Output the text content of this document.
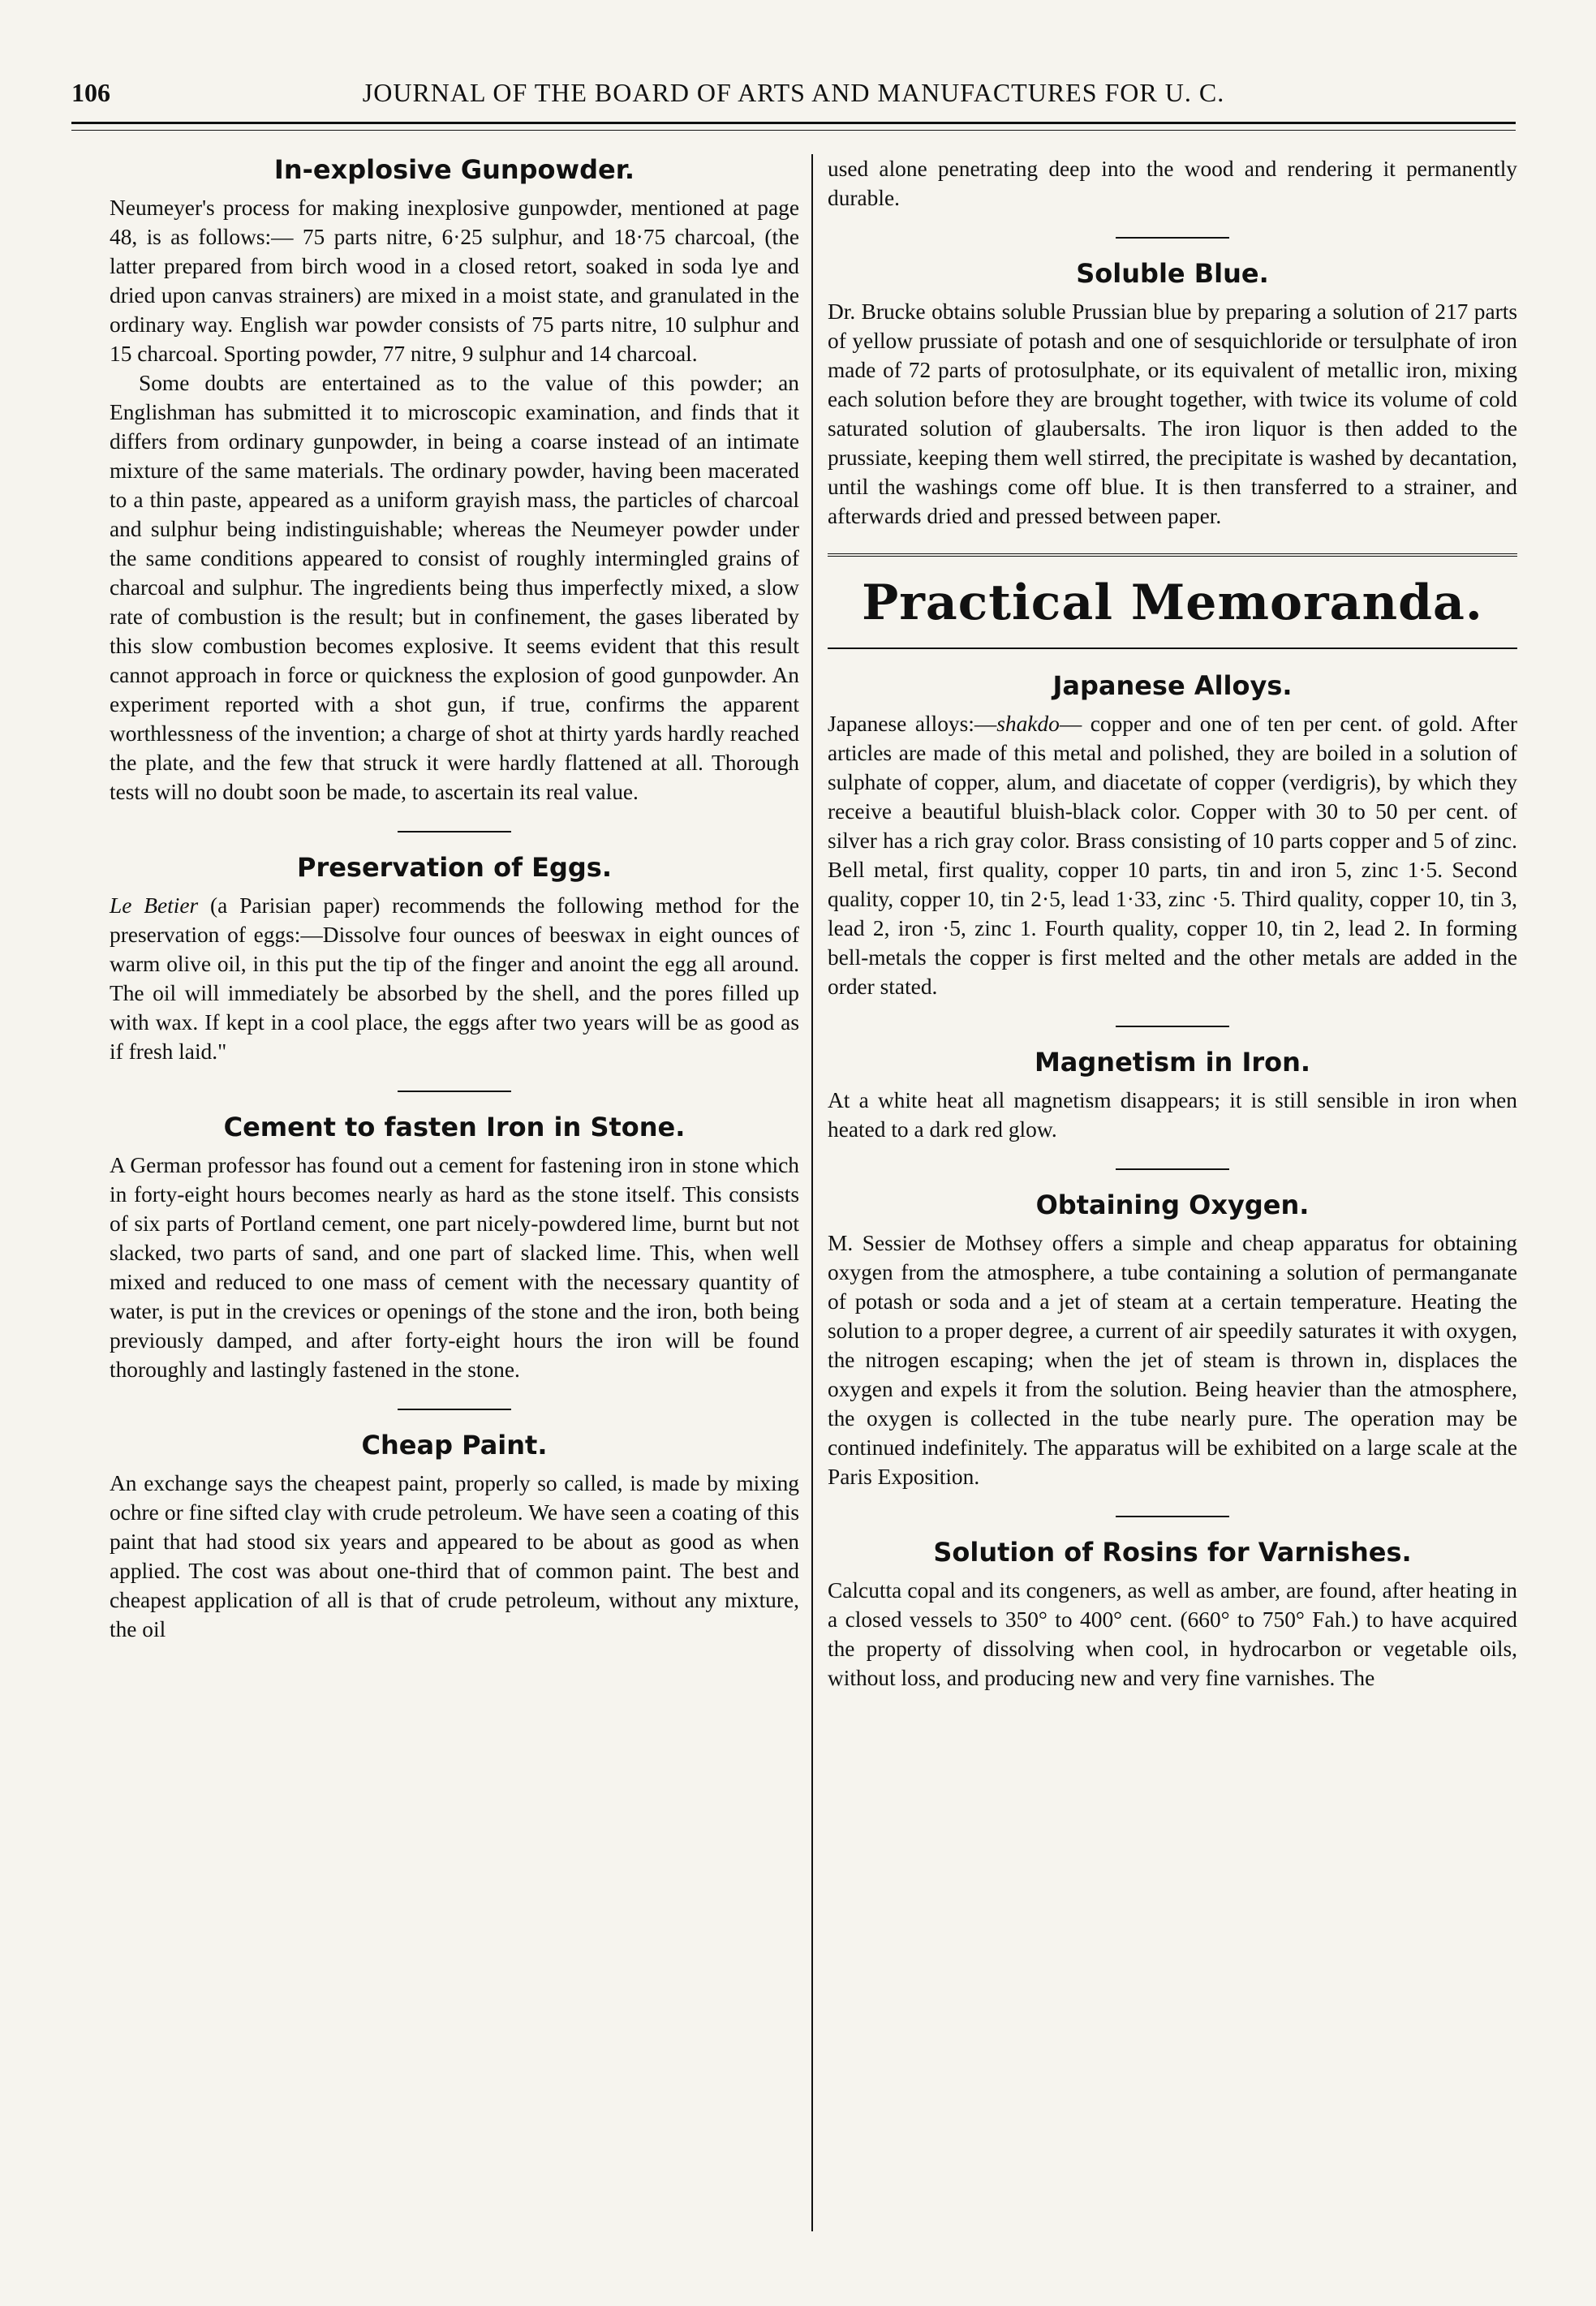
106	JOURNAL OF THE BOARD OF ARTS AND MANUFACTURES FOR U. C.
In-explosive Gunpowder.

Neumeyer's process for making inexplosive gunpowder, mentioned at page 48, is as follows:— 75 parts nitre, 6·25 sulphur, and 18·75 charcoal, (the latter prepared from birch wood in a closed retort, soaked in soda lye and dried upon canvas strainers) are mixed in a moist state, and granulated in the ordinary way. English war powder consists of 75 parts nitre, 10 sulphur and 15 charcoal. Sporting powder, 77 nitre, 9 sulphur and 14 charcoal.

Some doubts are entertained as to the value of this powder; an Englishman has submitted it to microscopic examination, and finds that it differs from ordinary gunpowder, in being a coarse instead of an intimate mixture of the same materials. The ordinary powder, having been macerated to a thin paste, appeared as a uniform grayish mass, the particles of charcoal and sulphur being indistinguishable; whereas the Neumeyer powder under the same conditions appeared to consist of roughly intermingled grains of charcoal and sulphur. The ingredients being thus imperfectly mixed, a slow rate of combustion is the result; but in confinement, the gases liberated by this slow combustion becomes explosive. It seems evident that this result cannot approach in force or quickness the explosion of good gunpowder. An experiment reported with a shot gun, if true, confirms the apparent worthlessness of the invention; a charge of shot at thirty yards hardly reached the plate, and the few that struck it were hardly flattened at all. Thorough tests will no doubt soon be made, to ascertain its real value.

Preservation of Eggs.

Le Betier (a Parisian paper) recommends the following method for the preservation of eggs:—Dissolve four ounces of beeswax in eight ounces of warm olive oil, in this put the tip of the finger and anoint the egg all around. The oil will immediately be absorbed by the shell, and the pores filled up with wax. If kept in a cool place, the eggs after two years will be as good as if fresh laid."

Cement to fasten Iron in Stone.

A German professor has found out a cement for fastening iron in stone which in forty-eight hours becomes nearly as hard as the stone itself. This consists of six parts of Portland cement, one part nicely-powdered lime, burnt but not slacked, two parts of sand, and one part of slacked lime. This, when well mixed and reduced to one mass of cement with the necessary quantity of water, is put in the crevices or openings of the stone and the iron, both being previously damped, and after forty-eight hours the iron will be found thoroughly and lastingly fastened in the stone.

Cheap Paint.

An exchange says the cheapest paint, properly so called, is made by mixing ochre or fine sifted clay with crude petroleum. We have seen a coating of this paint that had stood six years and appeared to be about as good as when applied. The cost was about one-third that of common paint. The best and cheapest application of all is that of crude petroleum, without any mixture, the oil

used alone penetrating deep into the wood and rendering it permanently durable.

Soluble Blue.

Dr. Brucke obtains soluble Prussian blue by preparing a solution of 217 parts of yellow prussiate of potash and one of sesquichloride or tersulphate of iron made of 72 parts of protosulphate, or its equivalent of metallic iron, mixing each solution before they are brought together, with twice its volume of cold saturated solution of glaubersalts. The iron liquor is then added to the prussiate, keeping them well stirred, the precipitate is washed by decantation, until the washings come off blue. It is then transferred to a strainer, and afterwards dried and pressed between paper.

Practical Memoranda.
Japanese Alloys.

Japanese alloys:—shakdo— copper and one of ten per cent. of gold. After articles are made of this metal and polished, they are boiled in a solution of sulphate of copper, alum, and diacetate of copper (verdigris), by which they receive a beautiful bluish-black color. Copper with 30 to 50 per cent. of silver has a rich gray color. Brass consisting of 10 parts copper and 5 of zinc. Bell metal, first quality, copper 10 parts, tin and iron 5, zinc 1·5. Second quality, copper 10, tin 2·5, lead 1·33, zinc ·5. Third quality, copper 10, tin 3, lead 2, iron ·5, zinc 1. Fourth quality, copper 10, tin 2, lead 2. In forming bell-metals the copper is first melted and the other metals are added in the order stated.

Magnetism in Iron.

At a white heat all magnetism disappears; it is still sensible in iron when heated to a dark red glow.

Obtaining Oxygen.

M. Sessier de Mothsey offers a simple and cheap apparatus for obtaining oxygen from the atmosphere, a tube containing a solution of permanganate of potash or soda and a jet of steam at a certain temperature. Heating the solution to a proper degree, a current of air speedily saturates it with oxygen, the nitrogen escaping; when the jet of steam is thrown in, displaces the oxygen and expels it from the solution. Being heavier than the atmosphere, the oxygen is collected in the tube nearly pure. The operation may be continued indefinitely. The apparatus will be exhibited on a large scale at the Paris Exposition.

Solution of Rosins for Varnishes.

Calcutta copal and its congeners, as well as amber, are found, after heating in a closed vessels to 350° to 400° cent. (660° to 750° Fah.) to have acquired the property of dissolving when cool, in hydrocarbon or vegetable oils, without loss, and producing new and very fine varnishes. The
